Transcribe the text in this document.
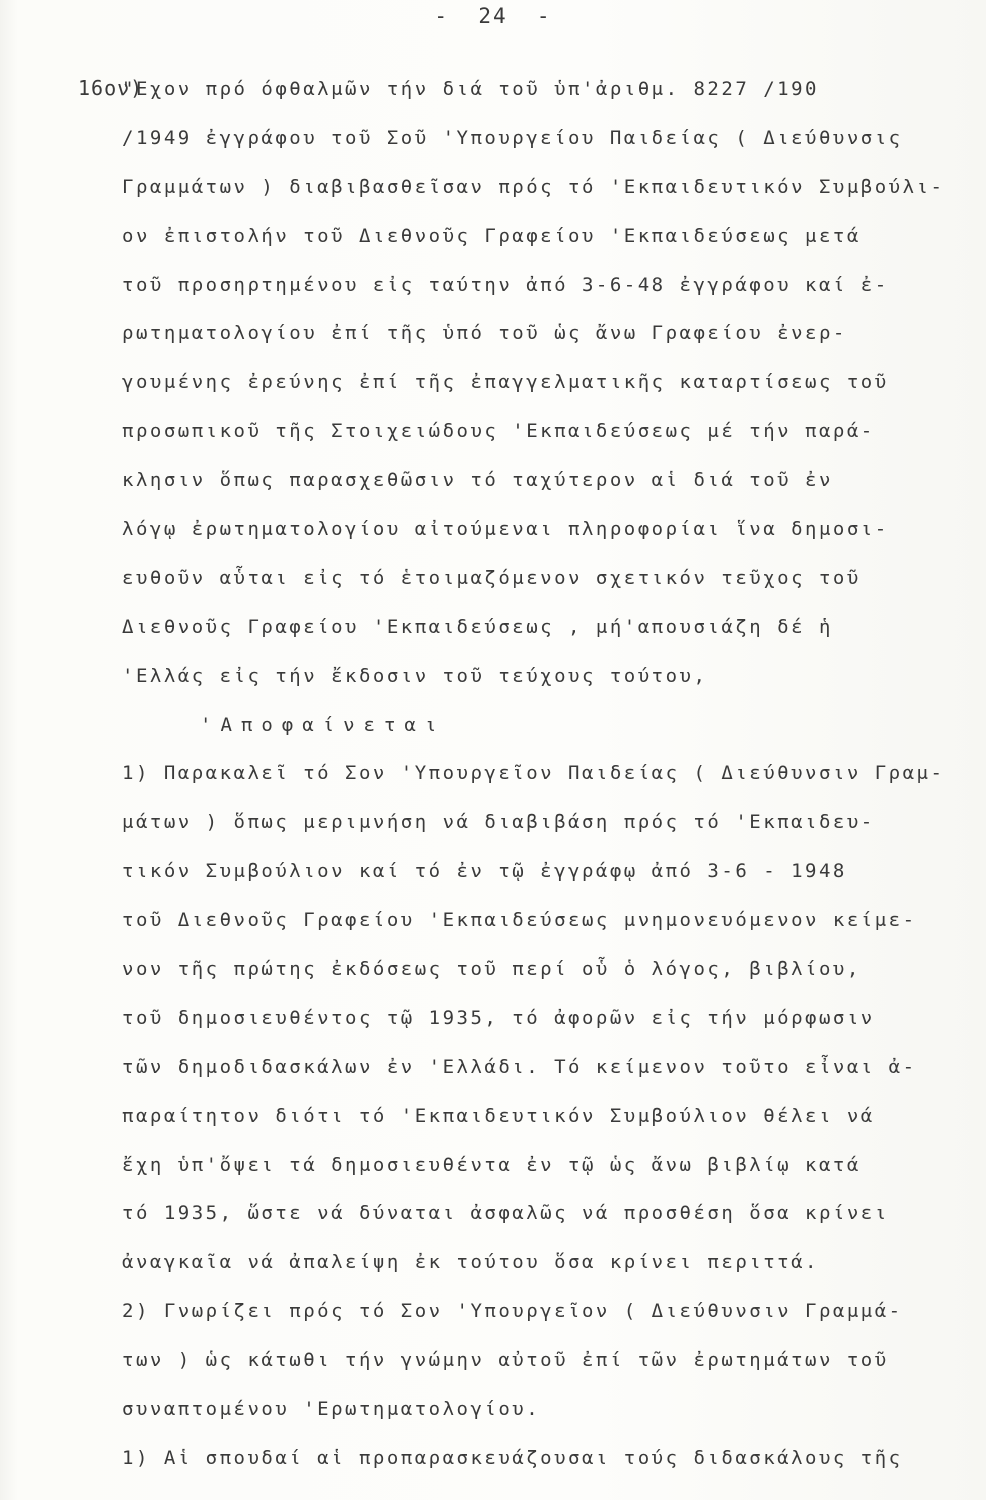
-  24  -
16ον)
"Εχον πρό όφθαλμῶν τήν διά τοῦ ὑπ'ἀριθμ. 8227 /190
/1949 ἐγγράφου τοῦ Σοῦ 'Υπουργείου Παιδείας ( Διεύθυνσις
Γραμμάτων ) διαβιβασθεῖσαν πρός τό 'Εκπαιδευτικόν Συμβούλι-
ον ἐπιστολήν τοῦ Διεθνοῦς Γραφείου 'Εκπαιδεύσεως μετά
τοῦ προσηρτημένου εἰς ταύτην ἀπό 3-6-48 ἐγγράφου καί ἐ-
ρωτηματολογίου ἐπί τῆς ὑπό τοῦ ὡς ἄνω Γραφείου ἐνερ-
γουμένης ἐρεύνης ἐπί τῆς ἐπαγγελματικῆς καταρτίσεως τοῦ
προσωπικοῦ τῆς Στοιχειώδους 'Εκπαιδεύσεως μέ τήν παρά-
κλησιν ὅπως παρασχεθῶσιν τό ταχύτερον αἱ διά τοῦ ἐν
λόγῳ ἐρωτηματολογίου αἰτούμεναι πληροφορίαι ἵνα δημοσι-
ευθοῦν αὗται εἰς τό ἑτοιμαζόμενον σχετικόν τεῦχος τοῦ
Διεθνοῦς Γραφείου 'Εκπαιδεύσεως , μή'απουσιάζη δέ ἡ
'Ελλάς εἰς τήν ἔκδοσιν τοῦ τεύχους τούτου,
'Αποφαίνεται
1) Παρακαλεῖ τό Σον 'Υπουργεῖον Παιδείας ( Διεύθυνσιν Γραμ-
μάτων ) ὅπως μεριμνήση νά διαβιβάση πρός τό 'Εκπαιδευ-
τικόν Συμβούλιον καί τό ἐν τῷ ἐγγράφῳ ἀπό 3-6 - 1948
τοῦ Διεθνοῦς Γραφείου 'Εκπαιδεύσεως μνημονευόμενον κείμε-
νον τῆς πρώτης ἐκδόσεως τοῦ περί οὗ ὁ λόγος, βιβλίου,
τοῦ δημοσιευθέντος τῷ 1935, τό ἀφορῶν εἰς τήν μόρφωσιν
τῶν δημοδιδασκάλων ἐν 'Ελλάδι. Τό κείμενον τοῦτο εἶναι ἀ-
παραίτητον διότι τό 'Εκπαιδευτικόν Συμβούλιον θέλει νά
ἔχη ὑπ'ὄψει τά δημοσιευθέντα ἐν τῷ ὡς ἄνω βιβλίῳ κατά
τό 1935, ὥστε νά δύναται ἀσφαλῶς νά προσθέση ὅσα κρίνει
ἀναγκαῖα νά ἀπαλείψη ἐκ τούτου ὅσα κρίνει περιττά.
2) Γνωρίζει πρός τό Σον 'Υπουργεῖον ( Διεύθυνσιν Γραμμά-
των ) ὡς κάτωθι τήν γνώμην αὐτοῦ ἐπί τῶν ἐρωτημάτων τοῦ
συναπτομένου 'Ερωτηματολογίου.
1) Αἱ σπουδαί αἱ προπαρασκευάζουσαι τούς διδασκάλους τῆς
